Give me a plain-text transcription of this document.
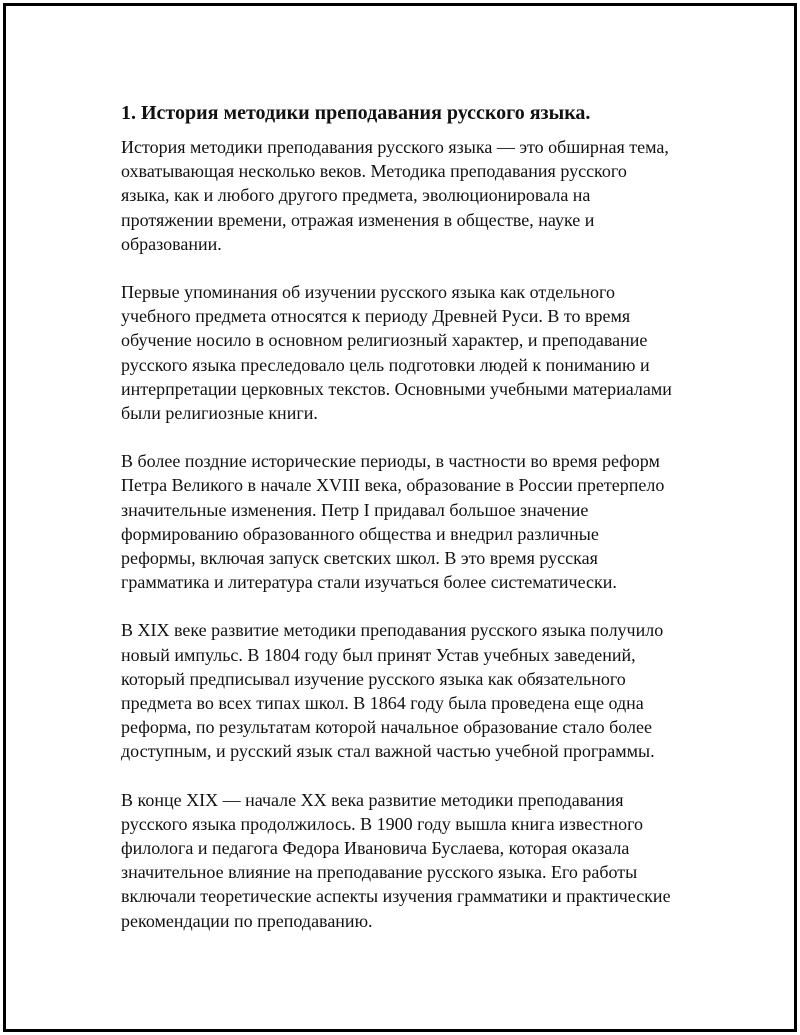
1. История методики преподавания русского языка.

История методики преподавания русского языка — это обширная тема,
охватывающая несколько веков. Методика преподавания русского
языка, как и любого другого предмета, эволюционировала на
протяжении времени, отражая изменения в обществе, науке и
образовании.

Первые упоминания об изучении русского языка как отдельного
учебного предмета относятся к периоду Древней Руси. В то время
обучение носило в основном религиозный характер, и преподавание
русского языка преследовало цель подготовки людей к пониманию и
интерпретации церковных текстов. Основными учебными материалами
были религиозные книги.

В более поздние исторические периоды, в частности во время реформ
Петра Великого в начале XVIII века, образование в России претерпело
значительные изменения. Петр I придавал большое значение
формированию образованного общества и внедрил различные
реформы, включая запуск светских школ. В это время русская
грамматика и литература стали изучаться более систематически.

В XIX веке развитие методики преподавания русского языка получило
новый импульс. В 1804 году был принят Устав учебных заведений,
который предписывал изучение русского языка как обязательного
предмета во всех типах школ. В 1864 году была проведена еще одна
реформа, по результатам которой начальное образование стало более
доступным, и русский язык стал важной частью учебной программы.

В конце XIX — начале XX века развитие методики преподавания
русского языка продолжилось. В 1900 году вышла книга известного
филолога и педагога Федора Ивановича Буслаева, которая оказала
значительное влияние на преподавание русского языка. Его работы
включали теоретические аспекты изучения грамматики и практические
рекомендации по преподаванию.
